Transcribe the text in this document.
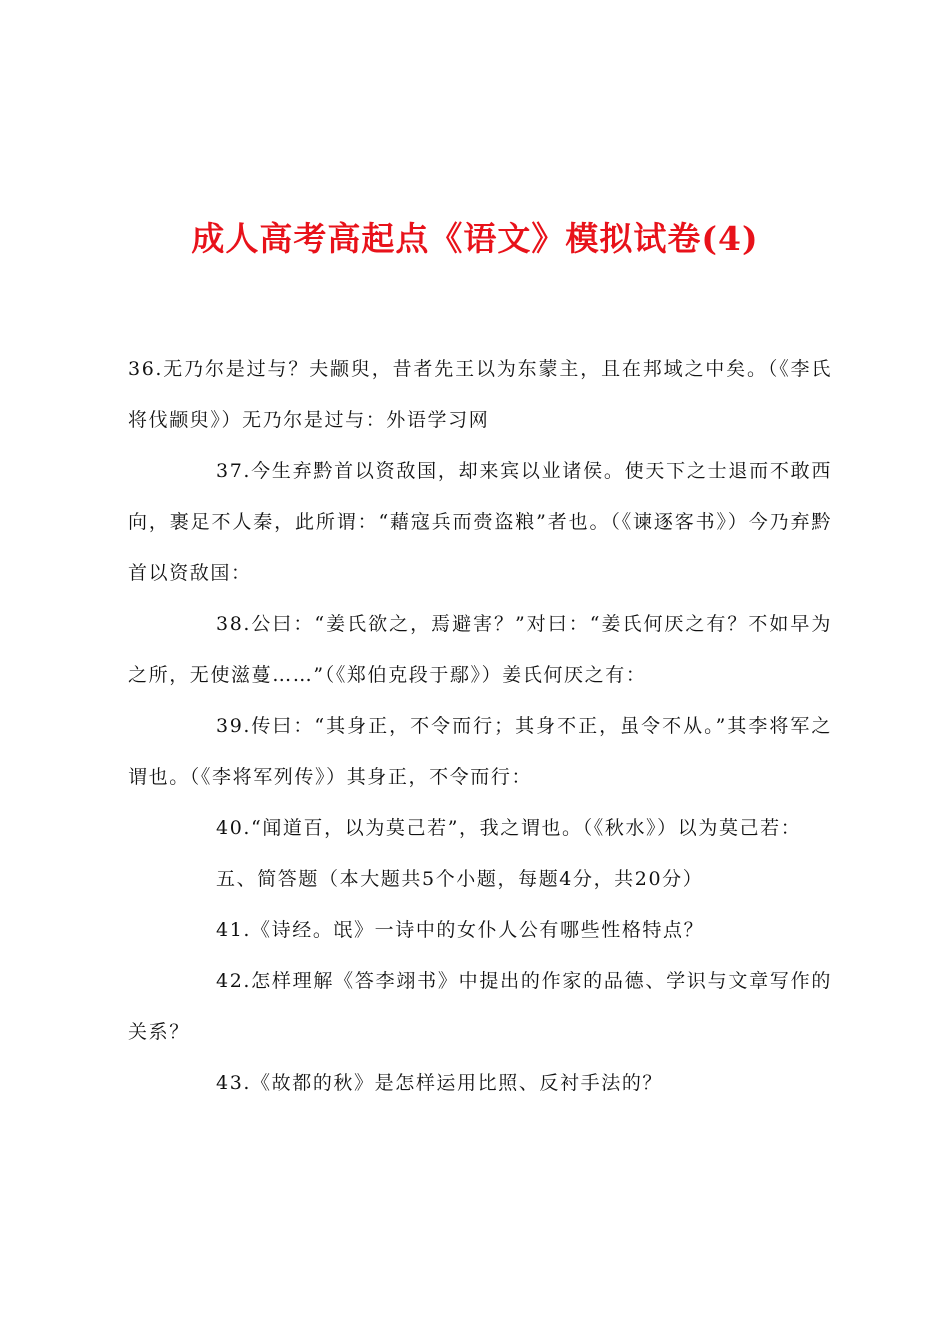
成人高考高起点《语文》模拟试卷(4)

36.无乃尔是过与？夫颛臾，昔者先王以为东蒙主，且在邦域之中矣。（《李氏将伐颛臾》）无乃尔是过与：外语学习网

37.今生弃黔首以资敌国，却来宾以业诸侯。使天下之士退而不敢西向，裹足不人秦，此所谓：“藉寇兵而赍盗粮”者也。（《谏逐客书》）今乃弃黔首以资敌国：

38.公曰：“姜氏欲之，焉避害？”对曰：“姜氏何厌之有？不如早为之所，无使滋蔓……”（《郑伯克段于鄢》）姜氏何厌之有：

39.传曰：“其身正，不令而行；其身不正，虽令不从。”其李将军之谓也。（《李将军列传》）其身正，不令而行：

40.“闻道百，以为莫己若”，我之谓也。（《秋水》）以为莫己若：

五、简答题（本大题共5个小题，每题4分，共20分）

41.《诗经。氓》一诗中的女仆人公有哪些性格特点？

42.怎样理解《答李翊书》中提出的作家的品德、学识与文章写作的关系？

43.《故都的秋》是怎样运用比照、反衬手法的？
